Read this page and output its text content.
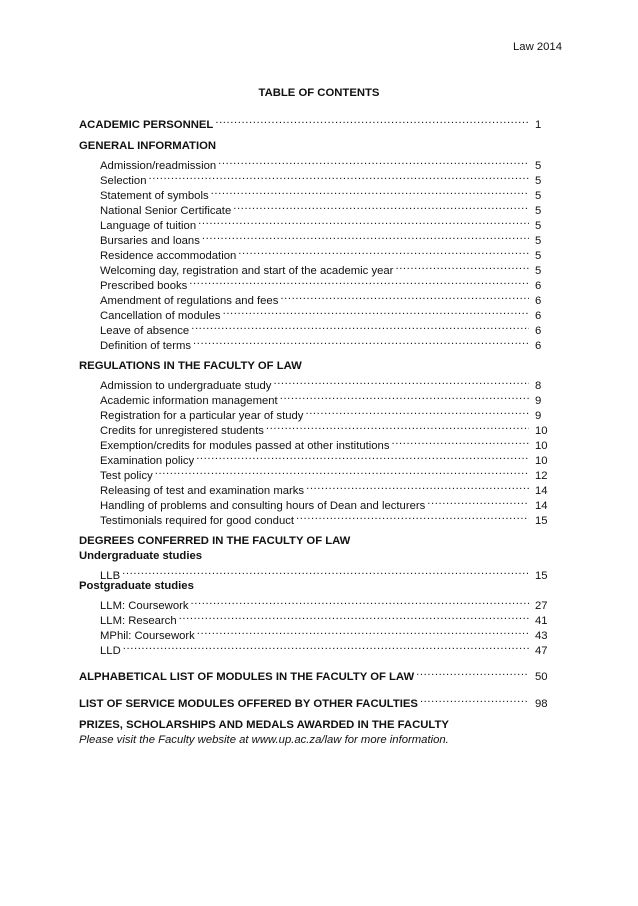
Law 2014
TABLE OF CONTENTS
ACADEMIC PERSONNEL .....	1
GENERAL INFORMATION
Admission/readmission .....	5
Selection .....	5
Statement of symbols .....	5
National Senior Certificate .....	5
Language of tuition .....	5
Bursaries and loans .....	5
Residence accommodation .....	5
Welcoming day, registration and start of the academic year .....	5
Prescribed books .....	6
Amendment of regulations and fees .....	6
Cancellation of modules .....	6
Leave of absence .....	6
Definition of terms .....	6
REGULATIONS IN THE FACULTY OF LAW
Admission to undergraduate study .....	8
Academic information management .....	9
Registration for a particular year of study .....	9
Credits for unregistered students .....	10
Exemption/credits for modules passed at other institutions .....	10
Examination policy .....	10
Test policy .....	12
Releasing of test and examination marks .....	14
Handling of problems and consulting hours of Dean and lecturers .....	14
Testimonials required for good conduct .....	15
DEGREES CONFERRED IN THE FACULTY OF LAW
Undergraduate studies
LLB .....	15
Postgraduate studies
LLM: Coursework .....	27
LLM: Research .....	41
MPhil: Coursework .....	43
LLD .....	47
ALPHABETICAL LIST OF MODULES IN THE FACULTY OF LAW .....	50
LIST OF SERVICE MODULES OFFERED BY OTHER FACULTIES .....	98
PRIZES, SCHOLARSHIPS AND MEDALS AWARDED IN THE FACULTY
Please visit the Faculty website at www.up.ac.za/law for more information.
